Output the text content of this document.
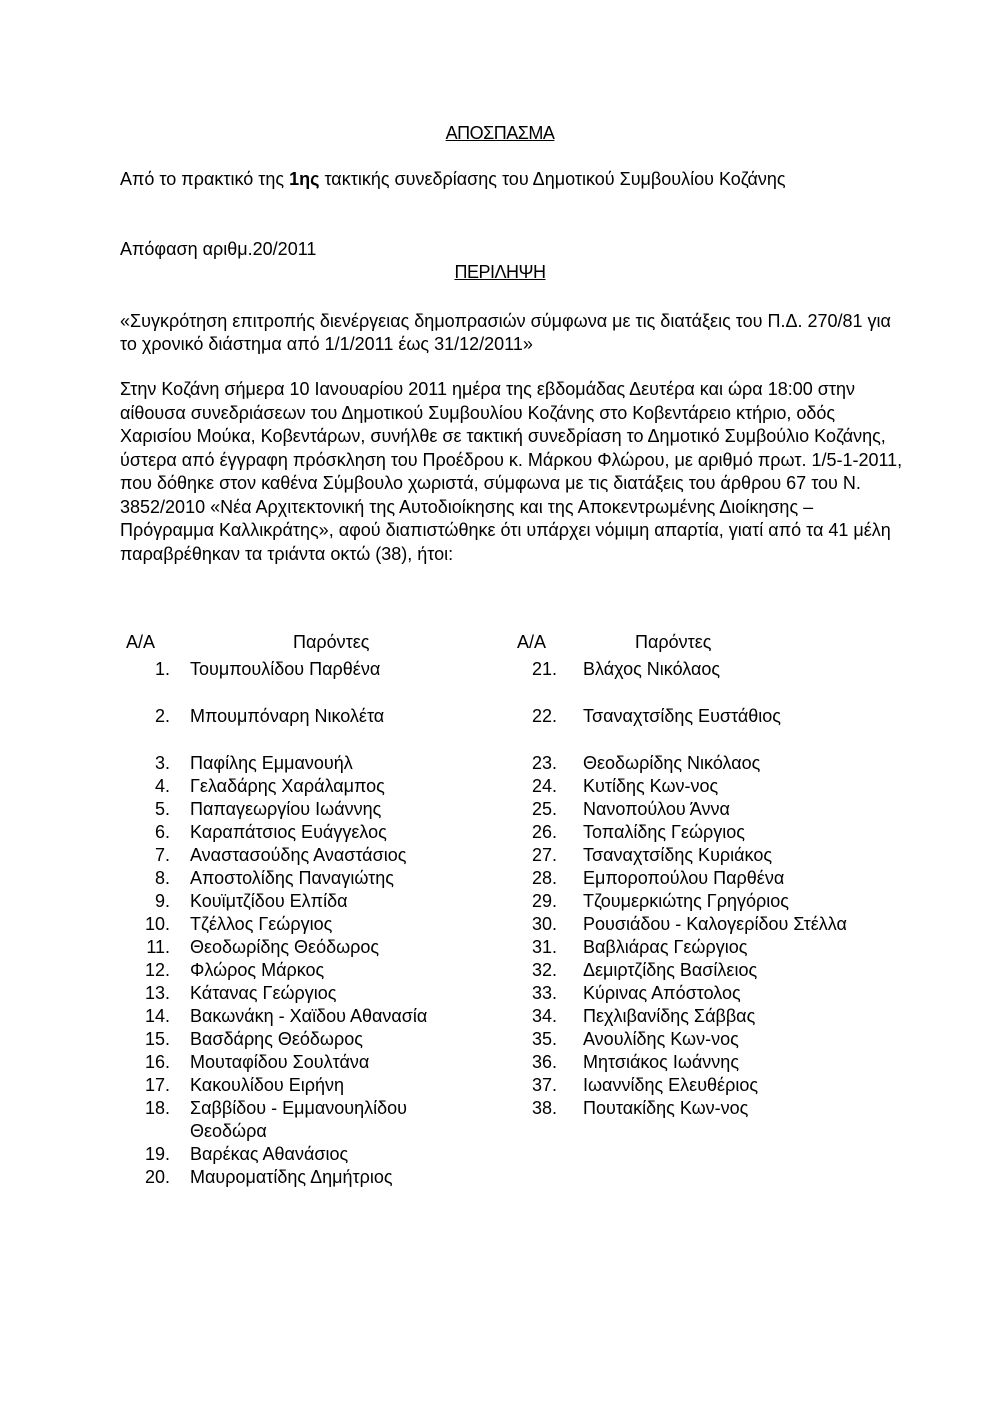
ΑΠΟΣΠΑΣΜΑ
Από το πρακτικό της 1ης τακτικής συνεδρίασης του Δημοτικού Συμβουλίου Κοζάνης
Απόφαση αριθμ.20/2011
ΠΕΡΙΛΗΨΗ
«Συγκρότηση επιτροπής διενέργειας δημοπρασιών σύμφωνα με τις διατάξεις του Π.Δ. 270/81 για το χρονικό διάστημα από 1/1/2011 έως 31/12/2011»
Στην Κοζάνη σήμερα 10 Ιανουαρίου 2011 ημέρα της εβδομάδας Δευτέρα και ώρα 18:00 στην αίθουσα συνεδριάσεων του Δημοτικού Συμβουλίου Κοζάνης στο Κοβεντάρειο κτήριο, οδός Χαρισίου Μούκα, Κοβεντάρων, συνήλθε σε τακτική συνεδρίαση το Δημοτικό Συμβούλιο Κοζάνης, ύστερα από έγγραφη πρόσκληση του Προέδρου κ. Μάρκου Φλώρου, με αριθμό πρωτ. 1/5-1-2011, που δόθηκε στον καθένα Σύμβουλο χωριστά, σύμφωνα με τις διατάξεις του άρθρου 67 του Ν. 3852/2010 «Νέα Αρχιτεκτονική της Αυτοδιοίκησης και της Αποκεντρωμένης Διοίκησης – Πρόγραμμα Καλλικράτης», αφού διαπιστώθηκε ότι υπάρχει νόμιμη απαρτία, γιατί από τα 41 μέλη παραβρέθηκαν τα τριάντα οκτώ (38), ήτοι:
Α/Α	Παρόντες
1. Τουμπουλίδου Παρθένα
2. Μπουμπόναρη Νικολέτα
3. Παφίλης Εμμανουήλ
4. Γελαδάρης Χαράλαμπος
5. Παπαγεωργίου Ιωάννης
6. Καραπάτσιος Ευάγγελος
7. Αναστασούδης Αναστάσιος
8. Αποστολίδης Παναγιώτης
9. Κουϊμτζίδου Ελπίδα
10. Τζέλλος Γεώργιος
11. Θεοδωρίδης Θεόδωρος
12. Φλώρος Μάρκος
13. Κάτανας Γεώργιος
14. Βακωνάκη - Χαϊδου Αθανασία
15. Βασδάρης Θεόδωρος
16. Μουταφίδου Σουλτάνα
17. Κακουλίδου Ειρήνη
18. Σαββίδου - Εμμανουηλίδου Θεοδώρα
19. Βαρέκας Αθανάσιος
20. Μαυροματίδης Δημήτριος
Α/Α	Παρόντες
21. Βλάχος Νικόλαος
22. Τσαναχτσίδης Ευστάθιος
23. Θεοδωρίδης Νικόλαος
24. Κυτίδης Κων-νος
25. Νανοπούλου Άννα
26. Τοπαλίδης Γεώργιος
27. Τσαναχτσίδης Κυριάκος
28. Εμποροπούλου Παρθένα
29. Τζουμερκιώτης Γρηγόριος
30. Ρουσιάδου - Καλογερίδου Στέλλα
31. Βαβλιάρας Γεώργιος
32. Δεμιρτζίδης Βασίλειος
33. Κύρινας Απόστολος
34. Πεχλιβανίδης Σάββας
35. Ανουλίδης Κων-νος
36. Μητσιάκος Ιωάννης
37. Ιωαννίδης Ελευθέριος
38. Πουτακίδης Κων-νος
